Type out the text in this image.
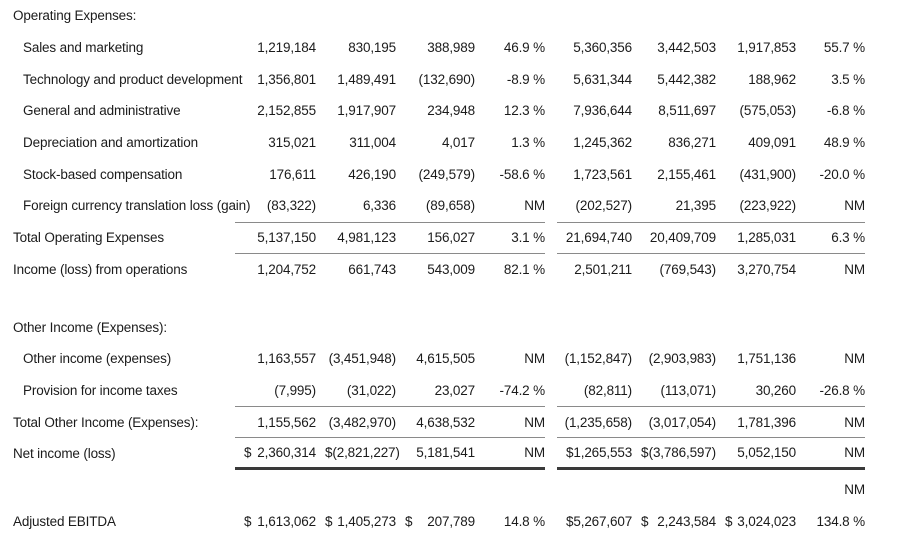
Operating Expenses:
Sales and marketing	1,219,184	830,195	388,989	46.9 %	5,360,356	3,442,503	1,917,853	55.7 %
Technology and product development	1,356,801	1,489,491	(132,690)	-8.9 %	5,631,344	5,442,382	188,962	3.5 %
General and administrative	2,152,855	1,917,907	234,948	12.3 %	7,936,644	8,511,697	(575,053)	-6.8 %
Depreciation and amortization	315,021	311,004	4,017	1.3 %	1,245,362	836,271	409,091	48.9 %
Stock-based compensation	176,611	426,190	(249,579)	-58.6 %	1,723,561	2,155,461	(431,900)	-20.0 %
Foreign currency translation loss (gain)	(83,322)	6,336	(89,658)	NM	(202,527)	21,395	(223,922)	NM
Total Operating Expenses	5,137,150	4,981,123	156,027	3.1 %	21,694,740	20,409,709	1,285,031	6.3 %
Income (loss) from operations	1,204,752	661,743	543,009	82.1 %	2,501,211	(769,543)	3,270,754	NM
Other Income (Expenses):
Other income (expenses)	1,163,557 (3,451,948)	4,615,505	NM	(1,152,847)	(2,903,983)	1,751,136	NM
Provision for income taxes	(7,995)	(31,022)	23,027	-74.2 %	(82,811)	(113,071)	30,260	-26.8 %
Total Other Income (Expenses):	1,155,562 (3,482,970)	4,638,532	NM	(1,235,658)	(3,017,054)	1,781,396	NM
Net income (loss)	$ 2,360,314 $ (2,821,227)	5,181,541	NM $ 1,265,553 $ (3,786,597)	5,052,150	NM
NM
Adjusted EBITDA	$ 1,613,062 $ 1,405,273 $ 207,789	14.8 % $ 5,267,607 $ 2,243,584 $ 3,024,023	134.8 %
